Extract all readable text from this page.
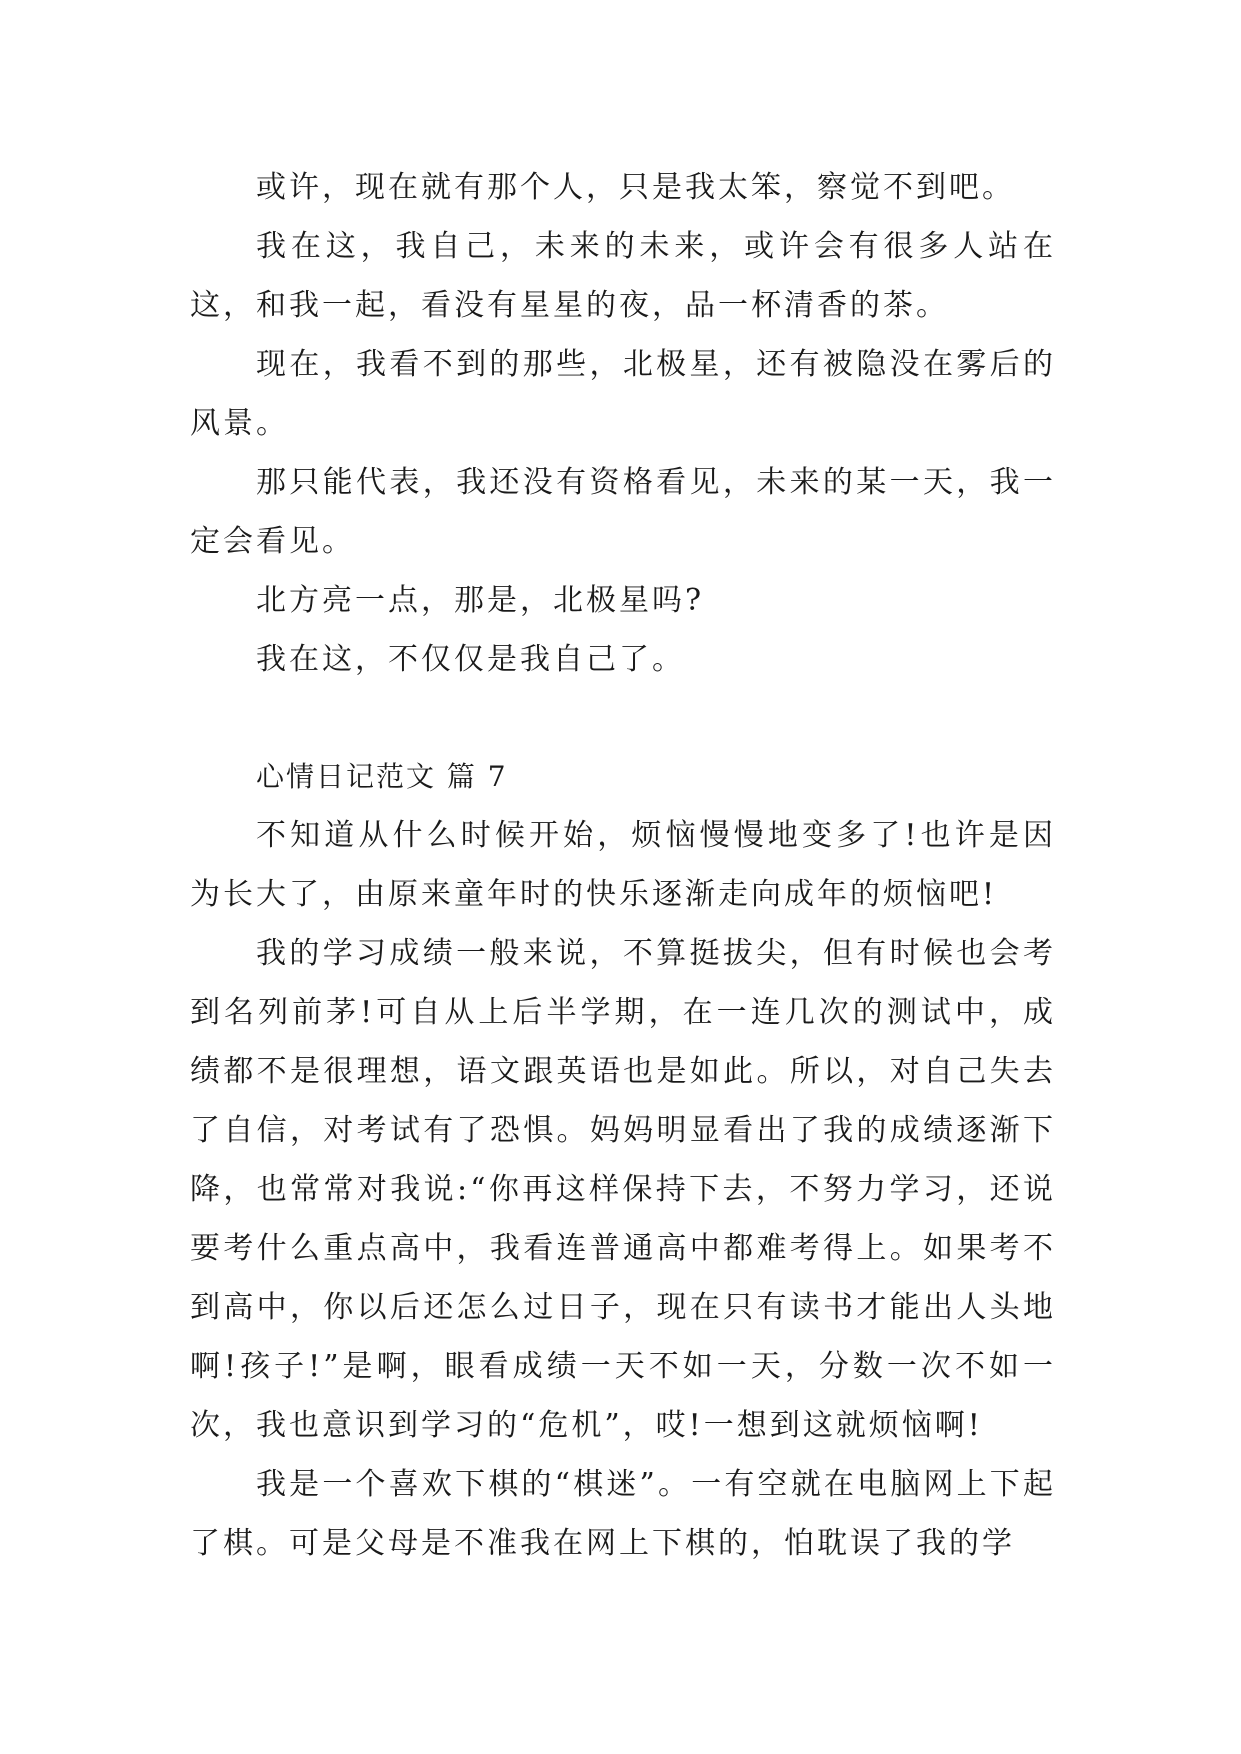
或许，现在就有那个人，只是我太笨，察觉不到吧。

我在这，我自己，未来的未来，或许会有很多人站在这，和我一起，看没有星星的夜，品一杯清香的茶。

现在，我看不到的那些，北极星，还有被隐没在雾后的风景。

那只能代表，我还没有资格看见，未来的某一天，我一定会看见。

北方亮一点，那是，北极星吗?

我在这，不仅仅是我自己了。

心情日记范文 篇 7

不知道从什么时候开始，烦恼慢慢地变多了!也许是因为长大了，由原来童年时的快乐逐渐走向成年的烦恼吧!

我的学习成绩一般来说，不算挺拔尖，但有时候也会考到名列前茅!可自从上后半学期，在一连几次的测试中，成绩都不是很理想，语文跟英语也是如此。所以，对自己失去了自信，对考试有了恐惧。妈妈明显看出了我的成绩逐渐下降，也常常对我说:“你再这样保持下去，不努力学习，还说要考什么重点高中，我看连普通高中都难考得上。如果考不到高中，你以后还怎么过日子，现在只有读书才能出人头地啊!孩子!”是啊，眼看成绩一天不如一天，分数一次不如一次，我也意识到学习的“危机”，哎!一想到这就烦恼啊!

我是一个喜欢下棋的“棋迷”。一有空就在电脑网上下起了棋。可是父母是不准我在网上下棋的，怕耽误了我的学
